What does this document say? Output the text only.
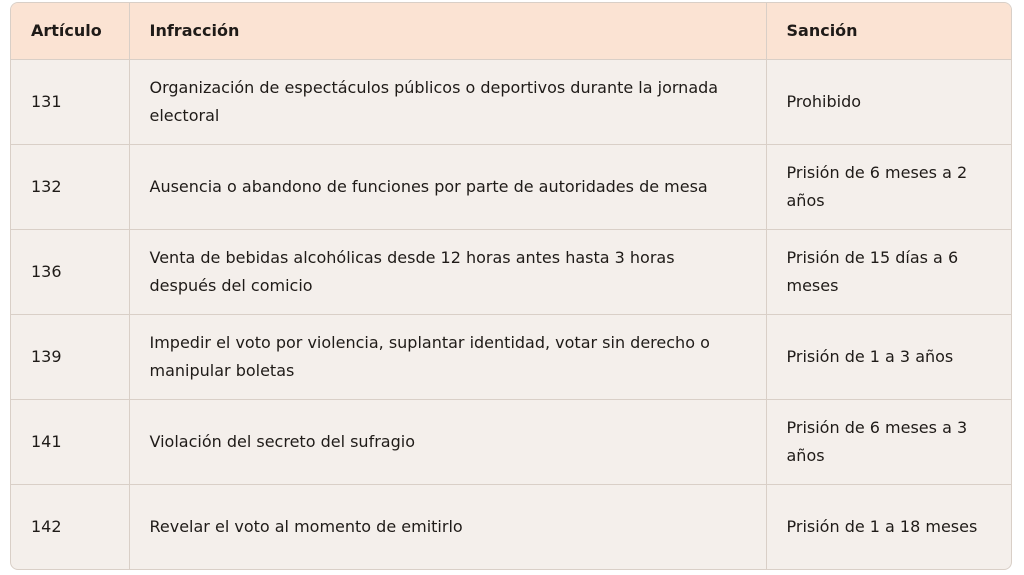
Artículo	Infracción	Sanción
131	Organización de espectáculos públicos o deportivos durante la jornada electoral	Prohibido
132	Ausencia o abandono de funciones por parte de autoridades de mesa	Prisión de 6 meses a 2 años
136	Venta de bebidas alcohólicas desde 12 horas antes hasta 3 horas después del comicio	Prisión de 15 días a 6 meses
139	Impedir el voto por violencia, suplantar identidad, votar sin derecho o manipular boletas	Prisión de 1 a 3 años
141	Violación del secreto del sufragio	Prisión de 6 meses a 3 años
142	Revelar el voto al momento de emitirlo	Prisión de 1 a 18 meses
